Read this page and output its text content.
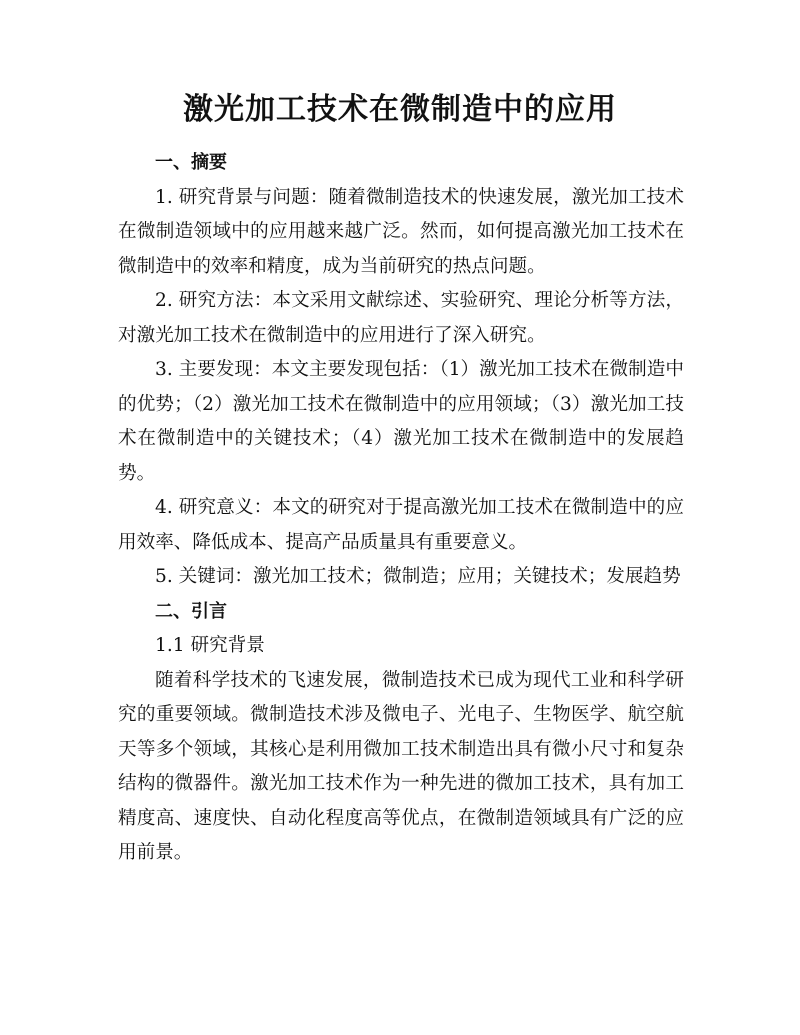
激光加工技术在微制造中的应用

一、摘要

1. 研究背景与问题：随着微制造技术的快速发展，激光加工技术在微制造领域中的应用越来越广泛。然而，如何提高激光加工技术在微制造中的效率和精度，成为当前研究的热点问题。

2. 研究方法：本文采用文献综述、实验研究、理论分析等方法，对激光加工技术在微制造中的应用进行了深入研究。

3. 主要发现：本文主要发现包括：（1）激光加工技术在微制造中的优势；（2）激光加工技术在微制造中的应用领域；（3）激光加工技术在微制造中的关键技术；（4）激光加工技术在微制造中的发展趋势。

4. 研究意义：本文的研究对于提高激光加工技术在微制造中的应用效率、降低成本、提高产品质量具有重要意义。

5. 关键词：激光加工技术；微制造；应用；关键技术；发展趋势

二、引言

1.1 研究背景

随着科学技术的飞速发展，微制造技术已成为现代工业和科学研究的重要领域。微制造技术涉及微电子、光电子、生物医学、航空航天等多个领域，其核心是利用微加工技术制造出具有微小尺寸和复杂结构的微器件。激光加工技术作为一种先进的微加工技术，具有加工精度高、速度快、自动化程度高等优点，在微制造领域具有广泛的应用前景。
